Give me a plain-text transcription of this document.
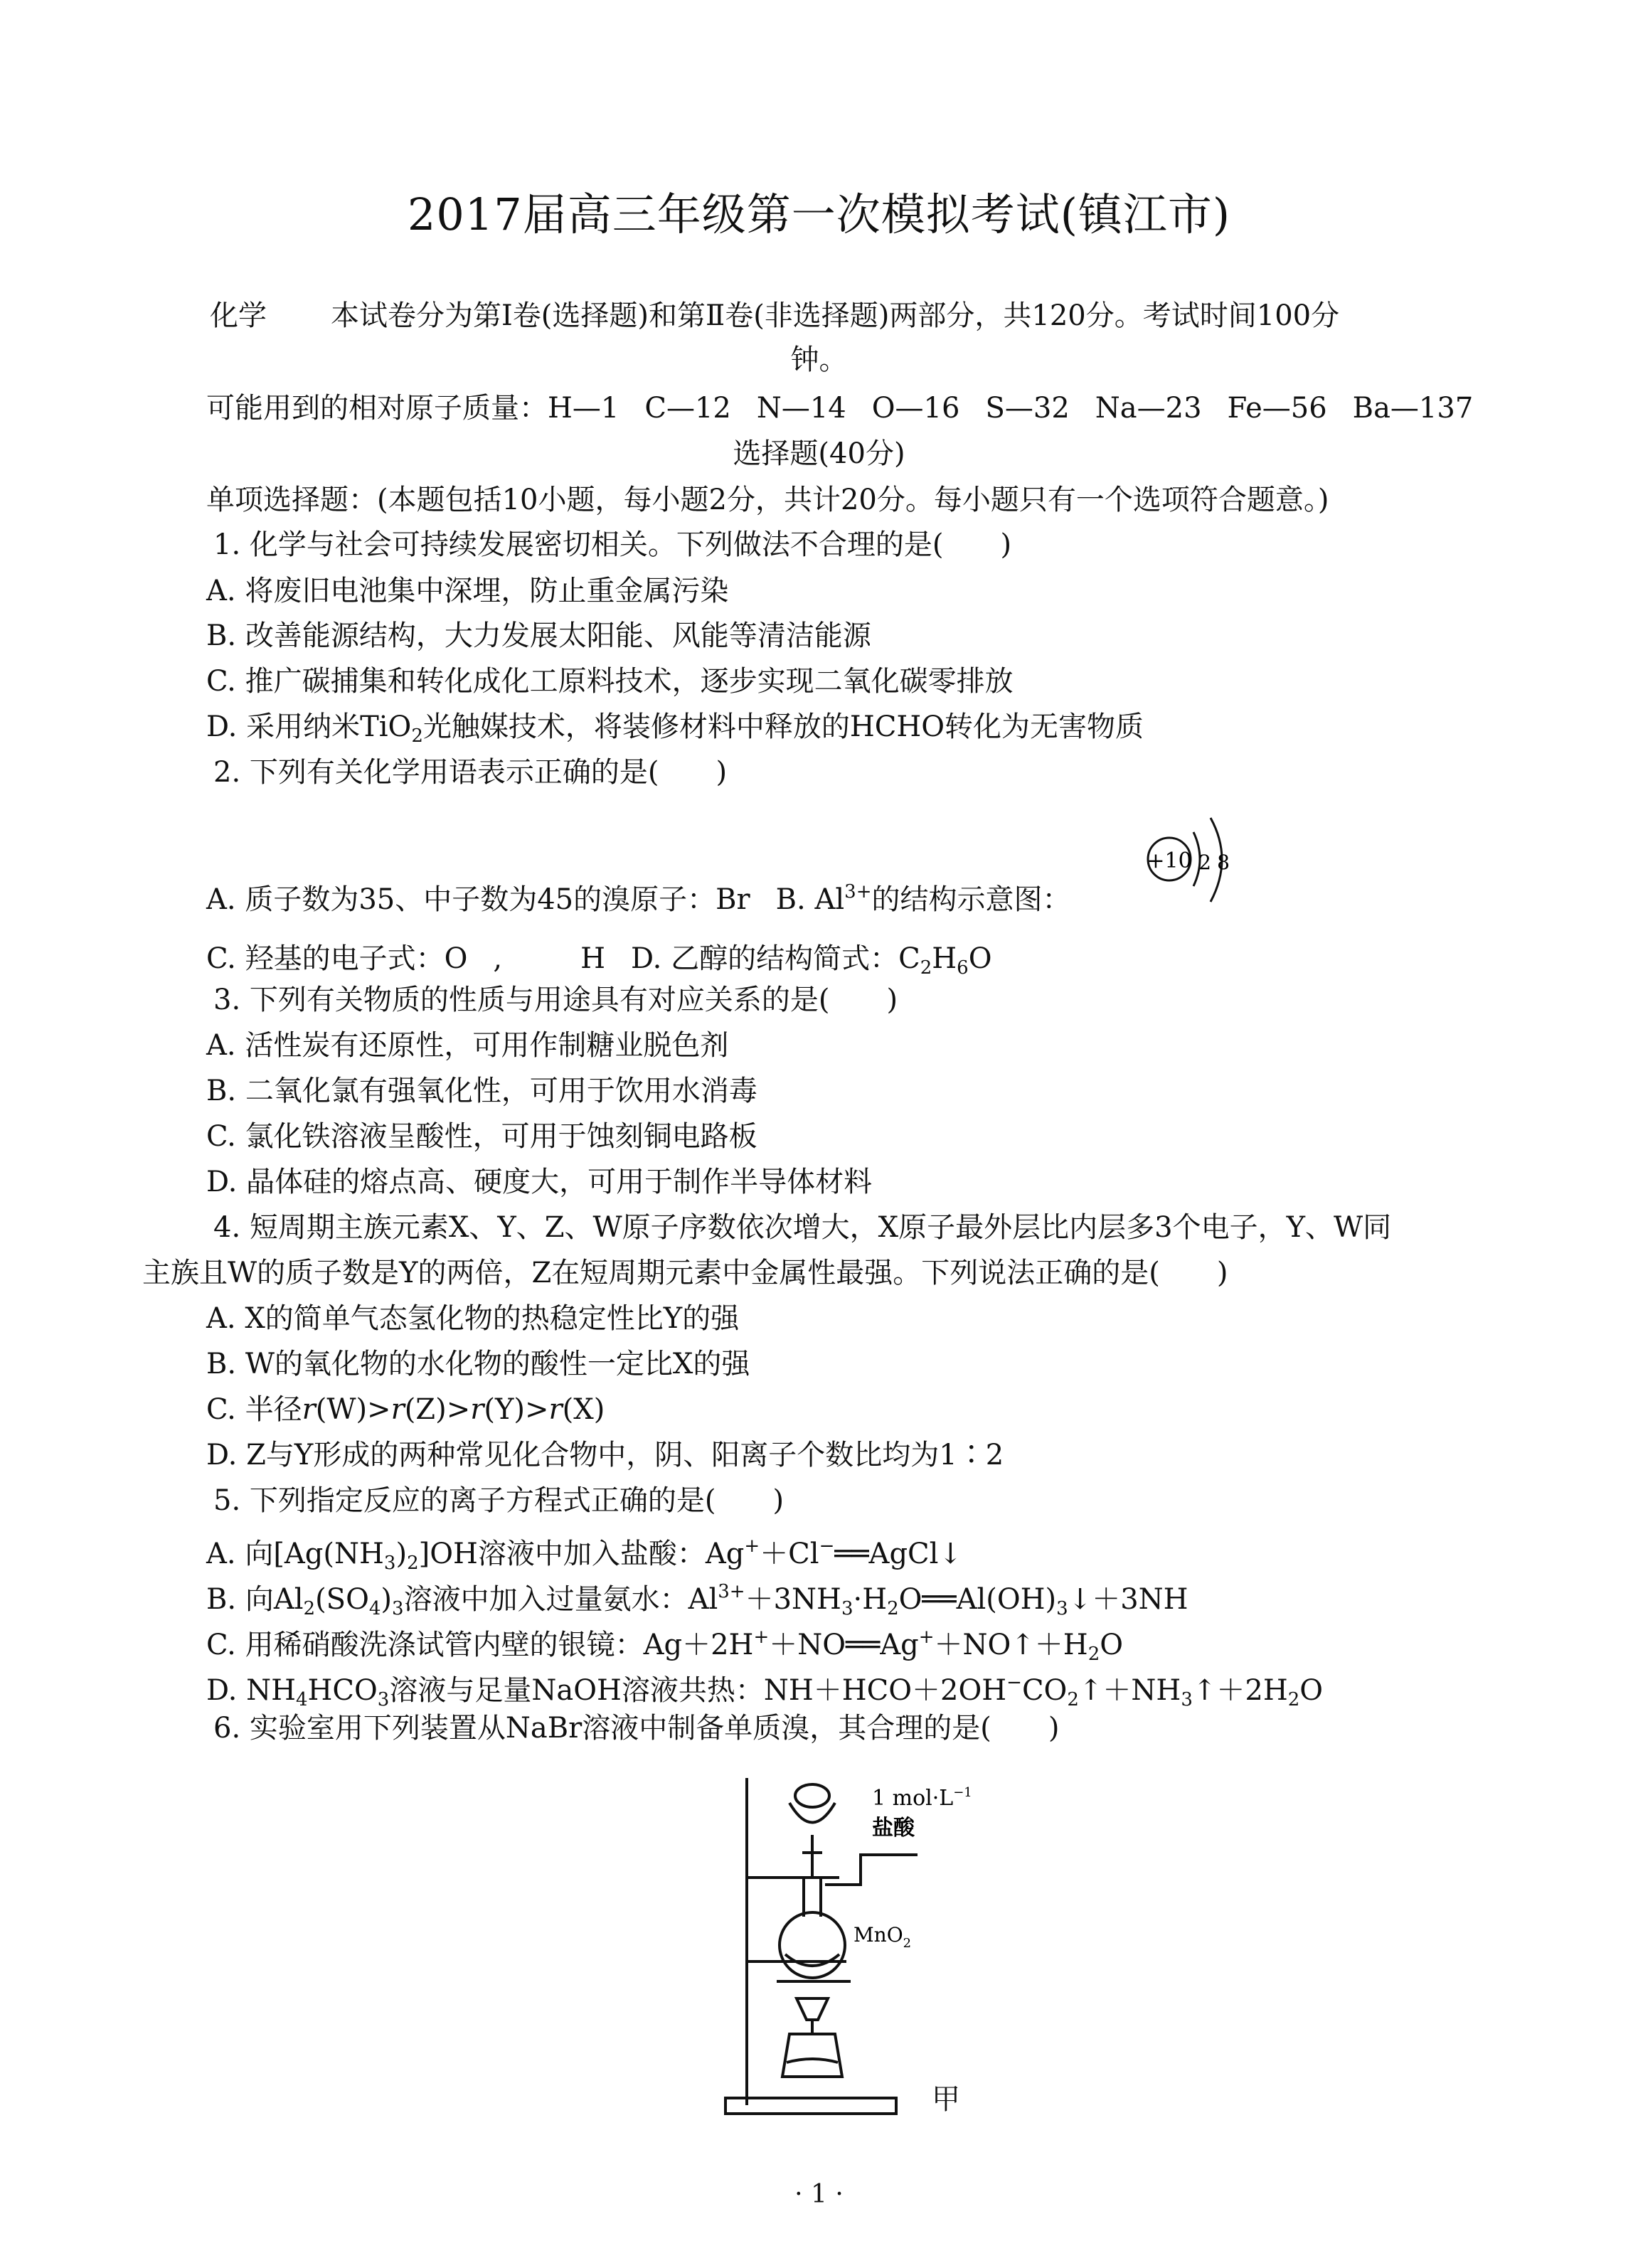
2017届高三年级第一次模拟考试(镇江市)
化学 本试卷分为第Ⅰ卷(选择题)和第Ⅱ卷(非选择题)两部分，共120分。考试时间100分
钟。
可能用到的相对原子质量：H—1 C—12 N—14 O—16 S—32 Na—23 Fe—56 Ba—137
选择题(40分)
单项选择题：(本题包括10小题，每小题2分，共计20分。每小题只有一个选项符合题意。)
1. 化学与社会可持续发展密切相关。下列做法不合理的是(　　)
A. 将废旧电池集中深埋，防止重金属污染
B. 改善能源结构，大力发展太阳能、风能等清洁能源
C. 推广碳捕集和转化成化工原料技术，逐步实现二氧化碳零排放
D. 采用纳米TiO$_2$光触媒技术，将装修材料中释放的HCHO转化为无害物质
2. 下列有关化学用语表示正确的是(　　)
A. 质子数为35、中子数为45的溴原子：Br B. $Al^{3+}$的结构示意图：
+10 2 8
C. 羟基的电子式：O ,	H D. 乙醇的结构简式：$C_2H_6O$
3. 下列有关物质的性质与用途具有对应关系的是(　　)
A. 活性炭有还原性，可用作制糖业脱色剂
B. 二氧化氯有强氧化性，可用于饮用水消毒
C. 氯化铁溶液呈酸性，可用于蚀刻铜电路板
D. 晶体硅的熔点高、硬度大，可用于制作半导体材料
4. 短周期主族元素X、Y、Z、W原子序数依次增大，X原子最外层比内层多3个电子，Y、W同
主族且W的质子数是Y的两倍，Z在短周期元素中金属性最强。下列说法正确的是(　　)
A. X的简单气态氢化物的热稳定性比Y的强
B. W的氧化物的水化物的酸性一定比X的强
C. 半径r(W)>r(Z)>r(Y)>r(X)
D. Z与Y形成的两种常见化合物中，阴、阳离子个数比均为1∶2
5. 下列指定反应的离子方程式正确的是(　　)
A. 向$[Ag(NH_3)_2]OH$溶液中加入盐酸：Ag+＋Cl−══AgCl↓
B. 向$Al_2(SO_4)_3$溶液中加入过量氨水：$Al^{3+}+3NH_3\cdot H_2O══Al(OH)_3↓+3NH$
C. 用稀硝酸洗涤试管内壁的银镜：$Ag+2H^++NO══Ag^++NO↑+H_2O$
D. $NH_4HCO_3$溶液与足量NaOH溶液共热：$NH+HCO+2OH^-CO_2↑+NH_3↑+2H_2O$
6. 实验室用下列装置从NaBr溶液中制备单质溴，其合理的是(　　)
1 $mol\cdot L^{-1}$
盐酸
MnO$_2$
甲
· 1 ·
